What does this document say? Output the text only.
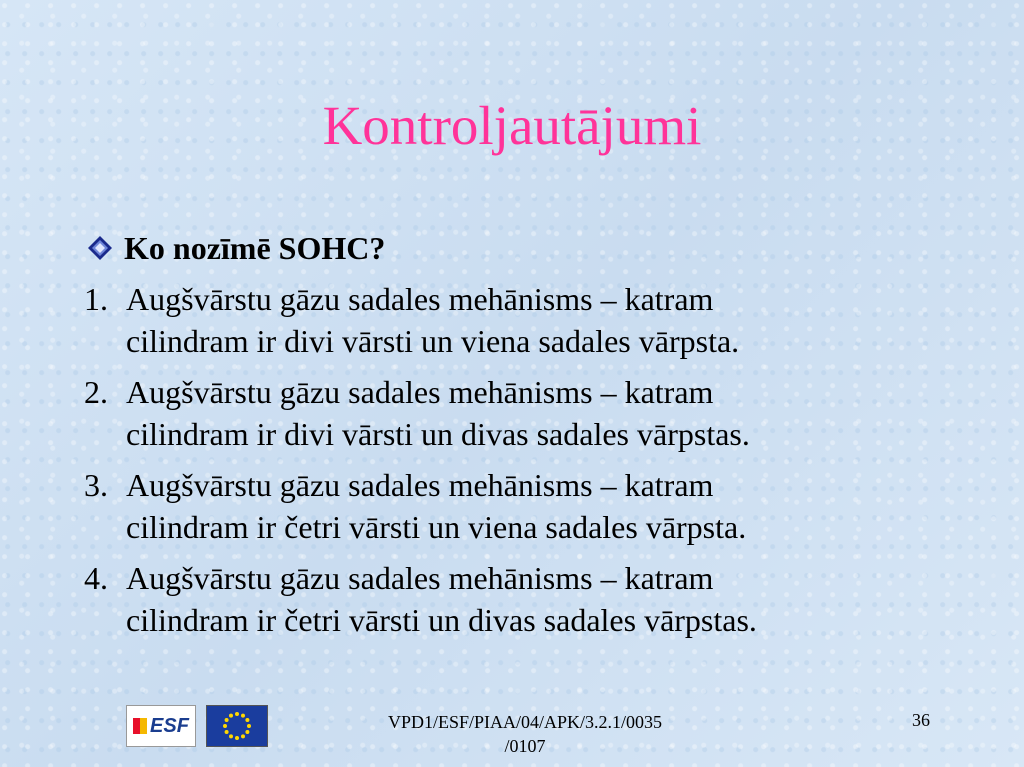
Kontroljautājumi
Ko nozīmē SOHC?
1. Augšvārstu gāzu sadales mehānisms – katram
cilindram ir divi vārsti un viena sadales vārpsta.
2. Augšvārstu gāzu sadales mehānisms – katram
cilindram ir divi vārsti un divas sadales vārpstas.
3. Augšvārstu gāzu sadales mehānisms – katram
cilindram ir četri vārsti un viena sadales vārpsta.
4. Augšvārstu gāzu sadales mehānisms – katram
cilindram ir četri vārsti un divas sadales vārpstas.
ESF	VPD1/ESF/PIAA/04/APK/3.2.1/0035
/0107
36
